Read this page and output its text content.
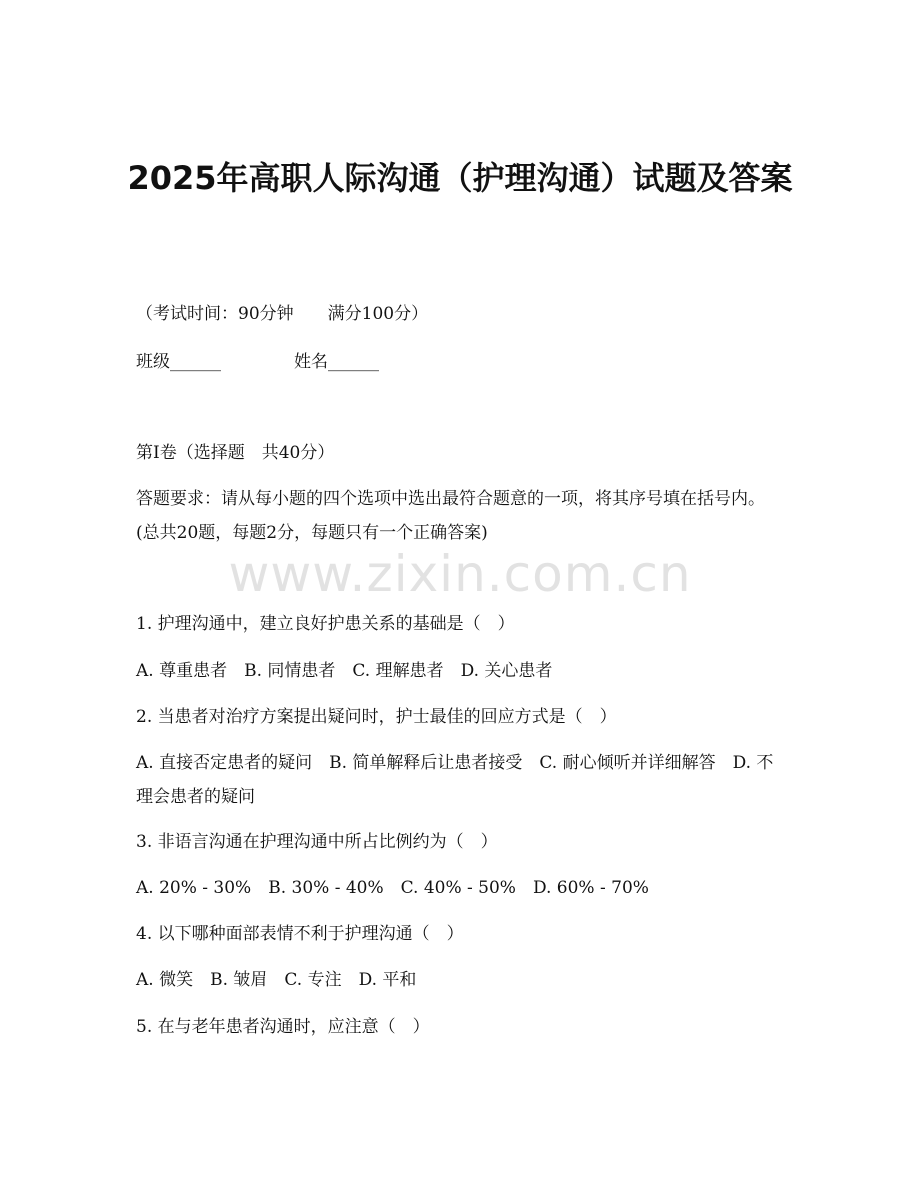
2025年高职人际沟通（护理沟通）试题及答案
（考试时间：90分钟　　满分100分）
班级______	姓名______
第Ⅰ卷（选择题　共40分）
答题要求：请从每小题的四个选项中选出最符合题意的一项，将其序号填在括号内。(总共20题，每题2分，每题只有一个正确答案)
www.zixin.com.cn
1. 护理沟通中，建立良好护患关系的基础是（　）
A. 尊重患者　B. 同情患者　C. 理解患者　D. 关心患者
2. 当患者对治疗方案提出疑问时，护士最佳的回应方式是（　）
A. 直接否定患者的疑问　B. 简单解释后让患者接受　C. 耐心倾听并详细解答　D. 不理会患者的疑问
3. 非语言沟通在护理沟通中所占比例约为（　）
A. 20% - 30%　B. 30% - 40%　C. 40% - 50%　D. 60% - 70%
4. 以下哪种面部表情不利于护理沟通（　）
A. 微笑　B. 皱眉　C. 专注　D. 平和
5. 在与老年患者沟通时，应注意（　）
